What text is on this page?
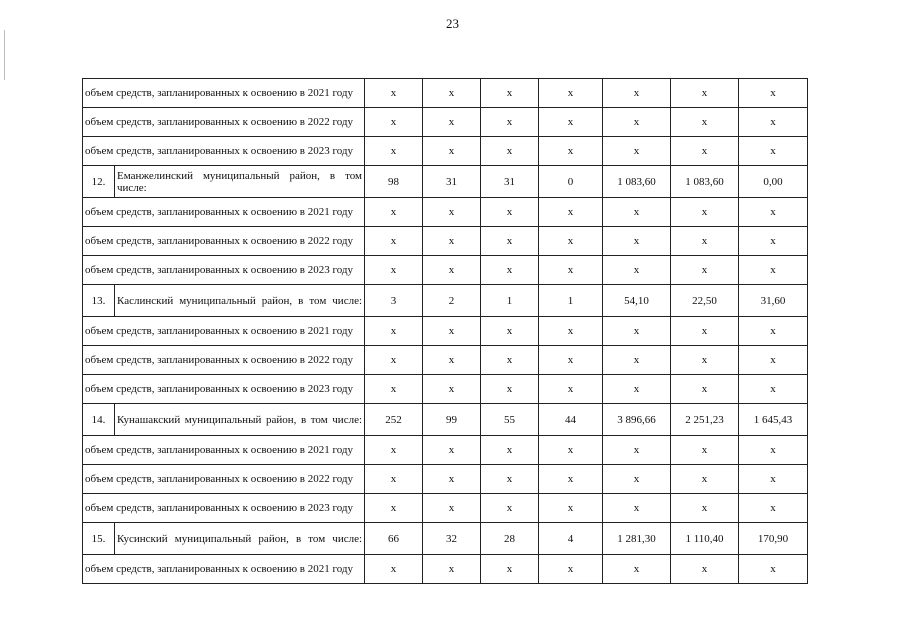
23
объем средств, запланированных к освоению в 2021 году		x	x	x	x	x	x	x
объем средств, запланированных к освоению в 2022 году		x	x	x	x	x	x	x
объем средств, запланированных к освоению в 2023 году		x	x	x	x	x	x	x
12.	Еманжелинский муниципальный район, в том числе:	98	31	31	0	1 083,60	1 083,60	0,00
объем средств, запланированных к освоению в 2021 году		x	x	x	x	x	x	x
объем средств, запланированных к освоению в 2022 году		x	x	x	x	x	x	x
объем средств, запланированных к освоению в 2023 году		x	x	x	x	x	x	x
13.	Каслинский муниципальный район, в том числе:	3	2	1	1	54,10	22,50	31,60
объем средств, запланированных к освоению в 2021 году		x	x	x	x	x	x	x
объем средств, запланированных к освоению в 2022 году		x	x	x	x	x	x	x
объем средств, запланированных к освоению в 2023 году		x	x	x	x	x	x	x
14.	Кунашакский муниципальный район, в том числе:	252	99	55	44	3 896,66	2 251,23	1 645,43
объем средств, запланированных к освоению в 2021 году		x	x	x	x	x	x	x
объем средств, запланированных к освоению в 2022 году		x	x	x	x	x	x	x
объем средств, запланированных к освоению в 2023 году		x	x	x	x	x	x	x
15.	Кусинский муниципальный район, в том числе:	66	32	28	4	1 281,30	1 110,40	170,90
объем средств, запланированных к освоению в 2021 году		x	x	x	x	x	x	x
